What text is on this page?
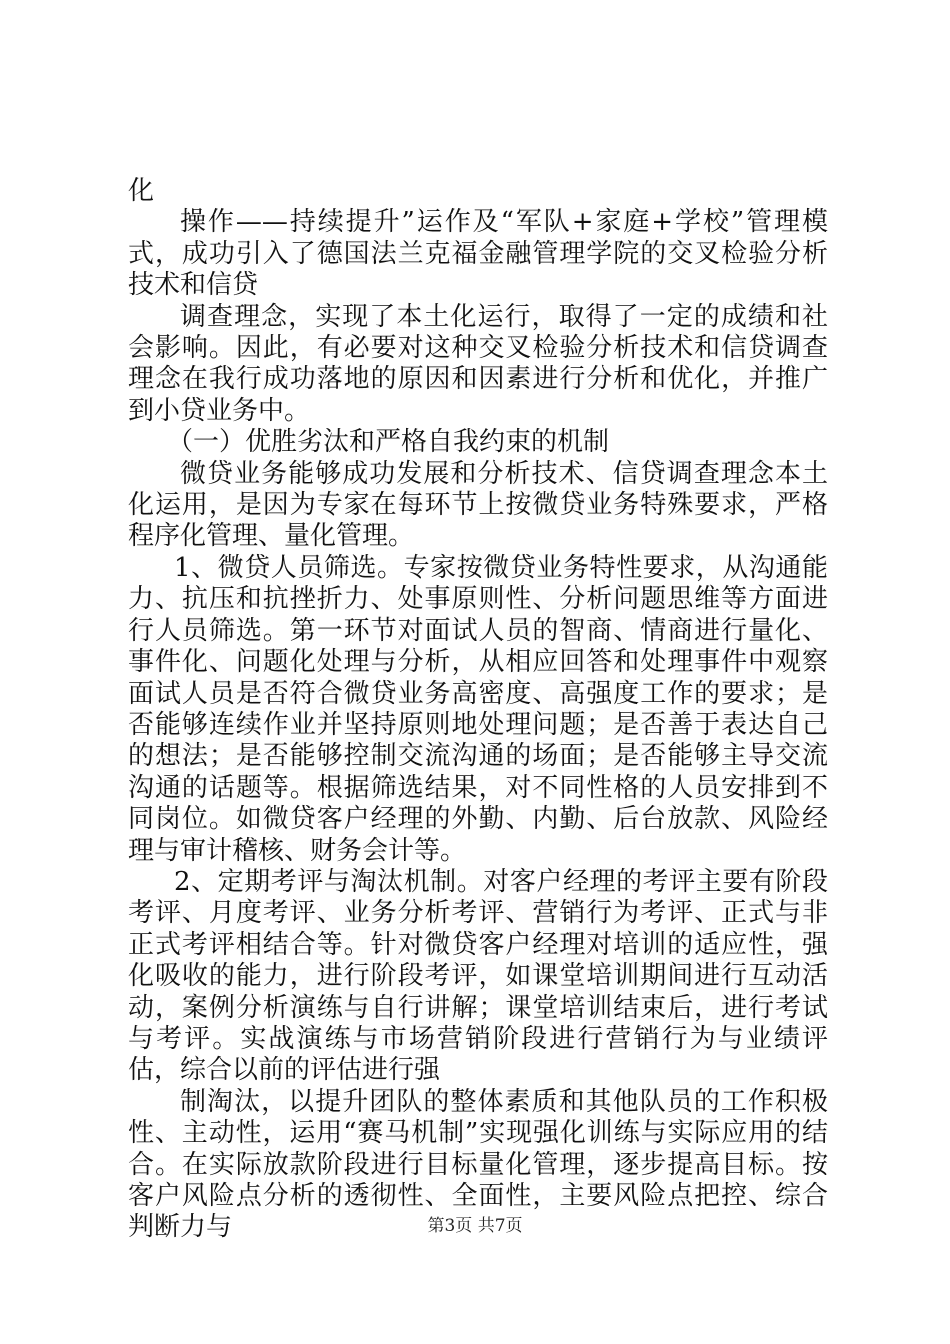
化

操作——持续提升”运作及“军队+家庭+学校”管理模式，成功引入了德国法兰克福金融管理学院的交叉检验分析技术和信贷

调查理念，实现了本土化运行，取得了一定的成绩和社会影响。因此，有必要对这种交叉检验分析技术和信贷调查理念在我行成功落地的原因和因素进行分析和优化，并推广到小贷业务中。

（一）优胜劣汰和严格自我约束的机制

微贷业务能够成功发展和分析技术、信贷调查理念本土化运用，是因为专家在每环节上按微贷业务特殊要求，严格程序化管理、量化管理。

1、微贷人员筛选。专家按微贷业务特性要求，从沟通能力、抗压和抗挫折力、处事原则性、分析问题思维等方面进行人员筛选。第一环节对面试人员的智商、情商进行量化、事件化、问题化处理与分析，从相应回答和处理事件中观察面试人员是否符合微贷业务高密度、高强度工作的要求；是否能够连续作业并坚持原则地处理问题；是否善于表达自己的想法；是否能够控制交流沟通的场面；是否能够主导交流沟通的话题等。根据筛选结果，对不同性格的人员安排到不同岗位。如微贷客户经理的外勤、内勤、后台放款、风险经理与审计稽核、财务会计等。

2、定期考评与淘汰机制。对客户经理的考评主要有阶段考评、月度考评、业务分析考评、营销行为考评、正式与非正式考评相结合等。针对微贷客户经理对培训的适应性，强化吸收的能力，进行阶段考评，如课堂培训期间进行互动活动，案例分析演练与自行讲解；课堂培训结束后，进行考试与考评。实战演练与市场营销阶段进行营销行为与业绩评估，综合以前的评估进行强

制淘汰，以提升团队的整体素质和其他队员的工作积极性、主动性，运用“赛马机制”实现强化训练与实际应用的结合。在实际放款阶段进行目标量化管理，逐步提高目标。按客户风险点分析的透彻性、全面性，主要风险点把控、综合判断力与	第3页 共7页
